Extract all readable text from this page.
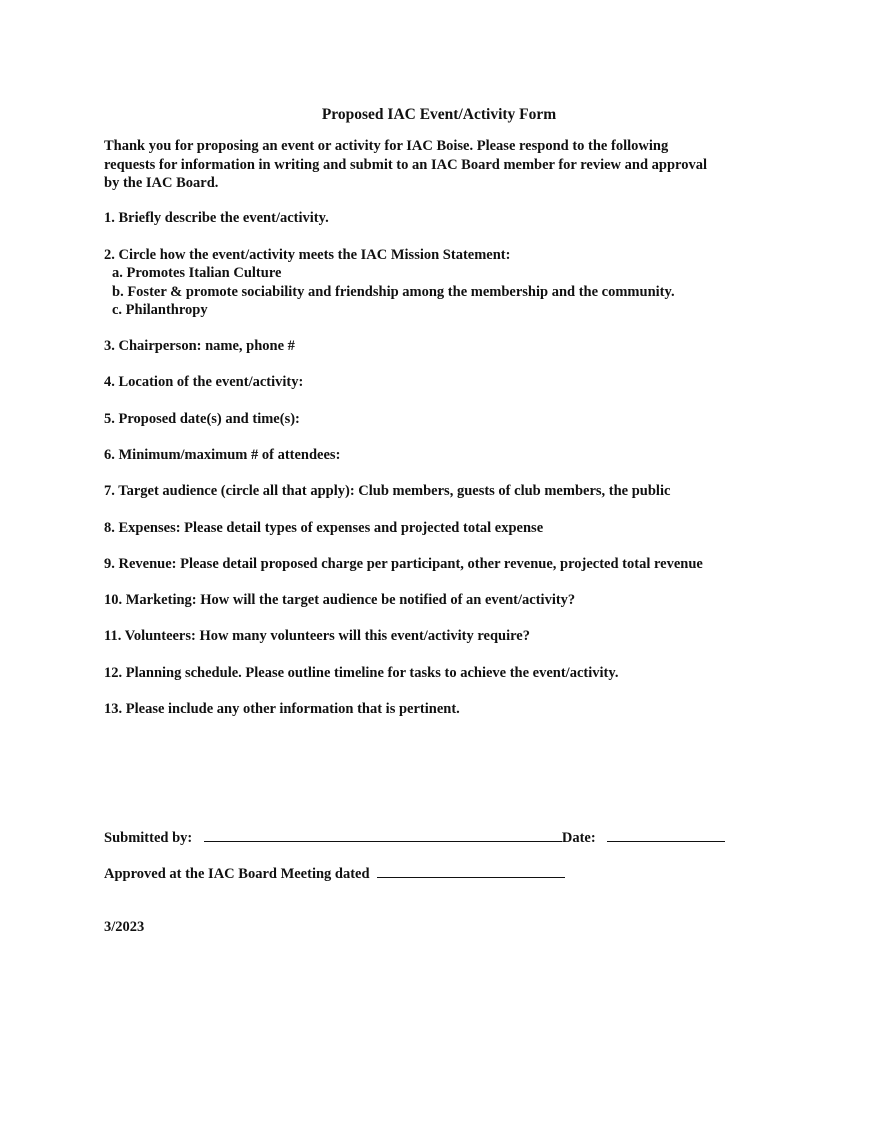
Proposed IAC Event/Activity Form
Thank you for proposing an event or activity for IAC Boise. Please respond to the following
requests for information in writing and submit to an IAC Board member for review and approval
by the IAC Board.
1. Briefly describe the event/activity.
2. Circle how the event/activity meets the IAC Mission Statement:
a. Promotes Italian Culture
b. Foster & promote sociability and friendship among the membership and the community.
c. Philanthropy
3. Chairperson: name, phone #
4. Location of the event/activity:
5. Proposed date(s) and time(s):
6. Minimum/maximum # of attendees:
7. Target audience (circle all that apply): Club members, guests of club members, the public
8. Expenses: Please detail types of expenses and projected total expense
9. Revenue: Please detail proposed charge per participant, other revenue, projected total revenue
10. Marketing: How will the target audience be notified of an event/activity?
11. Volunteers: How many volunteers will this event/activity require?
12. Planning schedule. Please outline timeline for tasks to achieve the event/activity.
13. Please include any other information that is pertinent.
Submitted by:	Date:
Approved at the IAC Board Meeting dated
3/2023
